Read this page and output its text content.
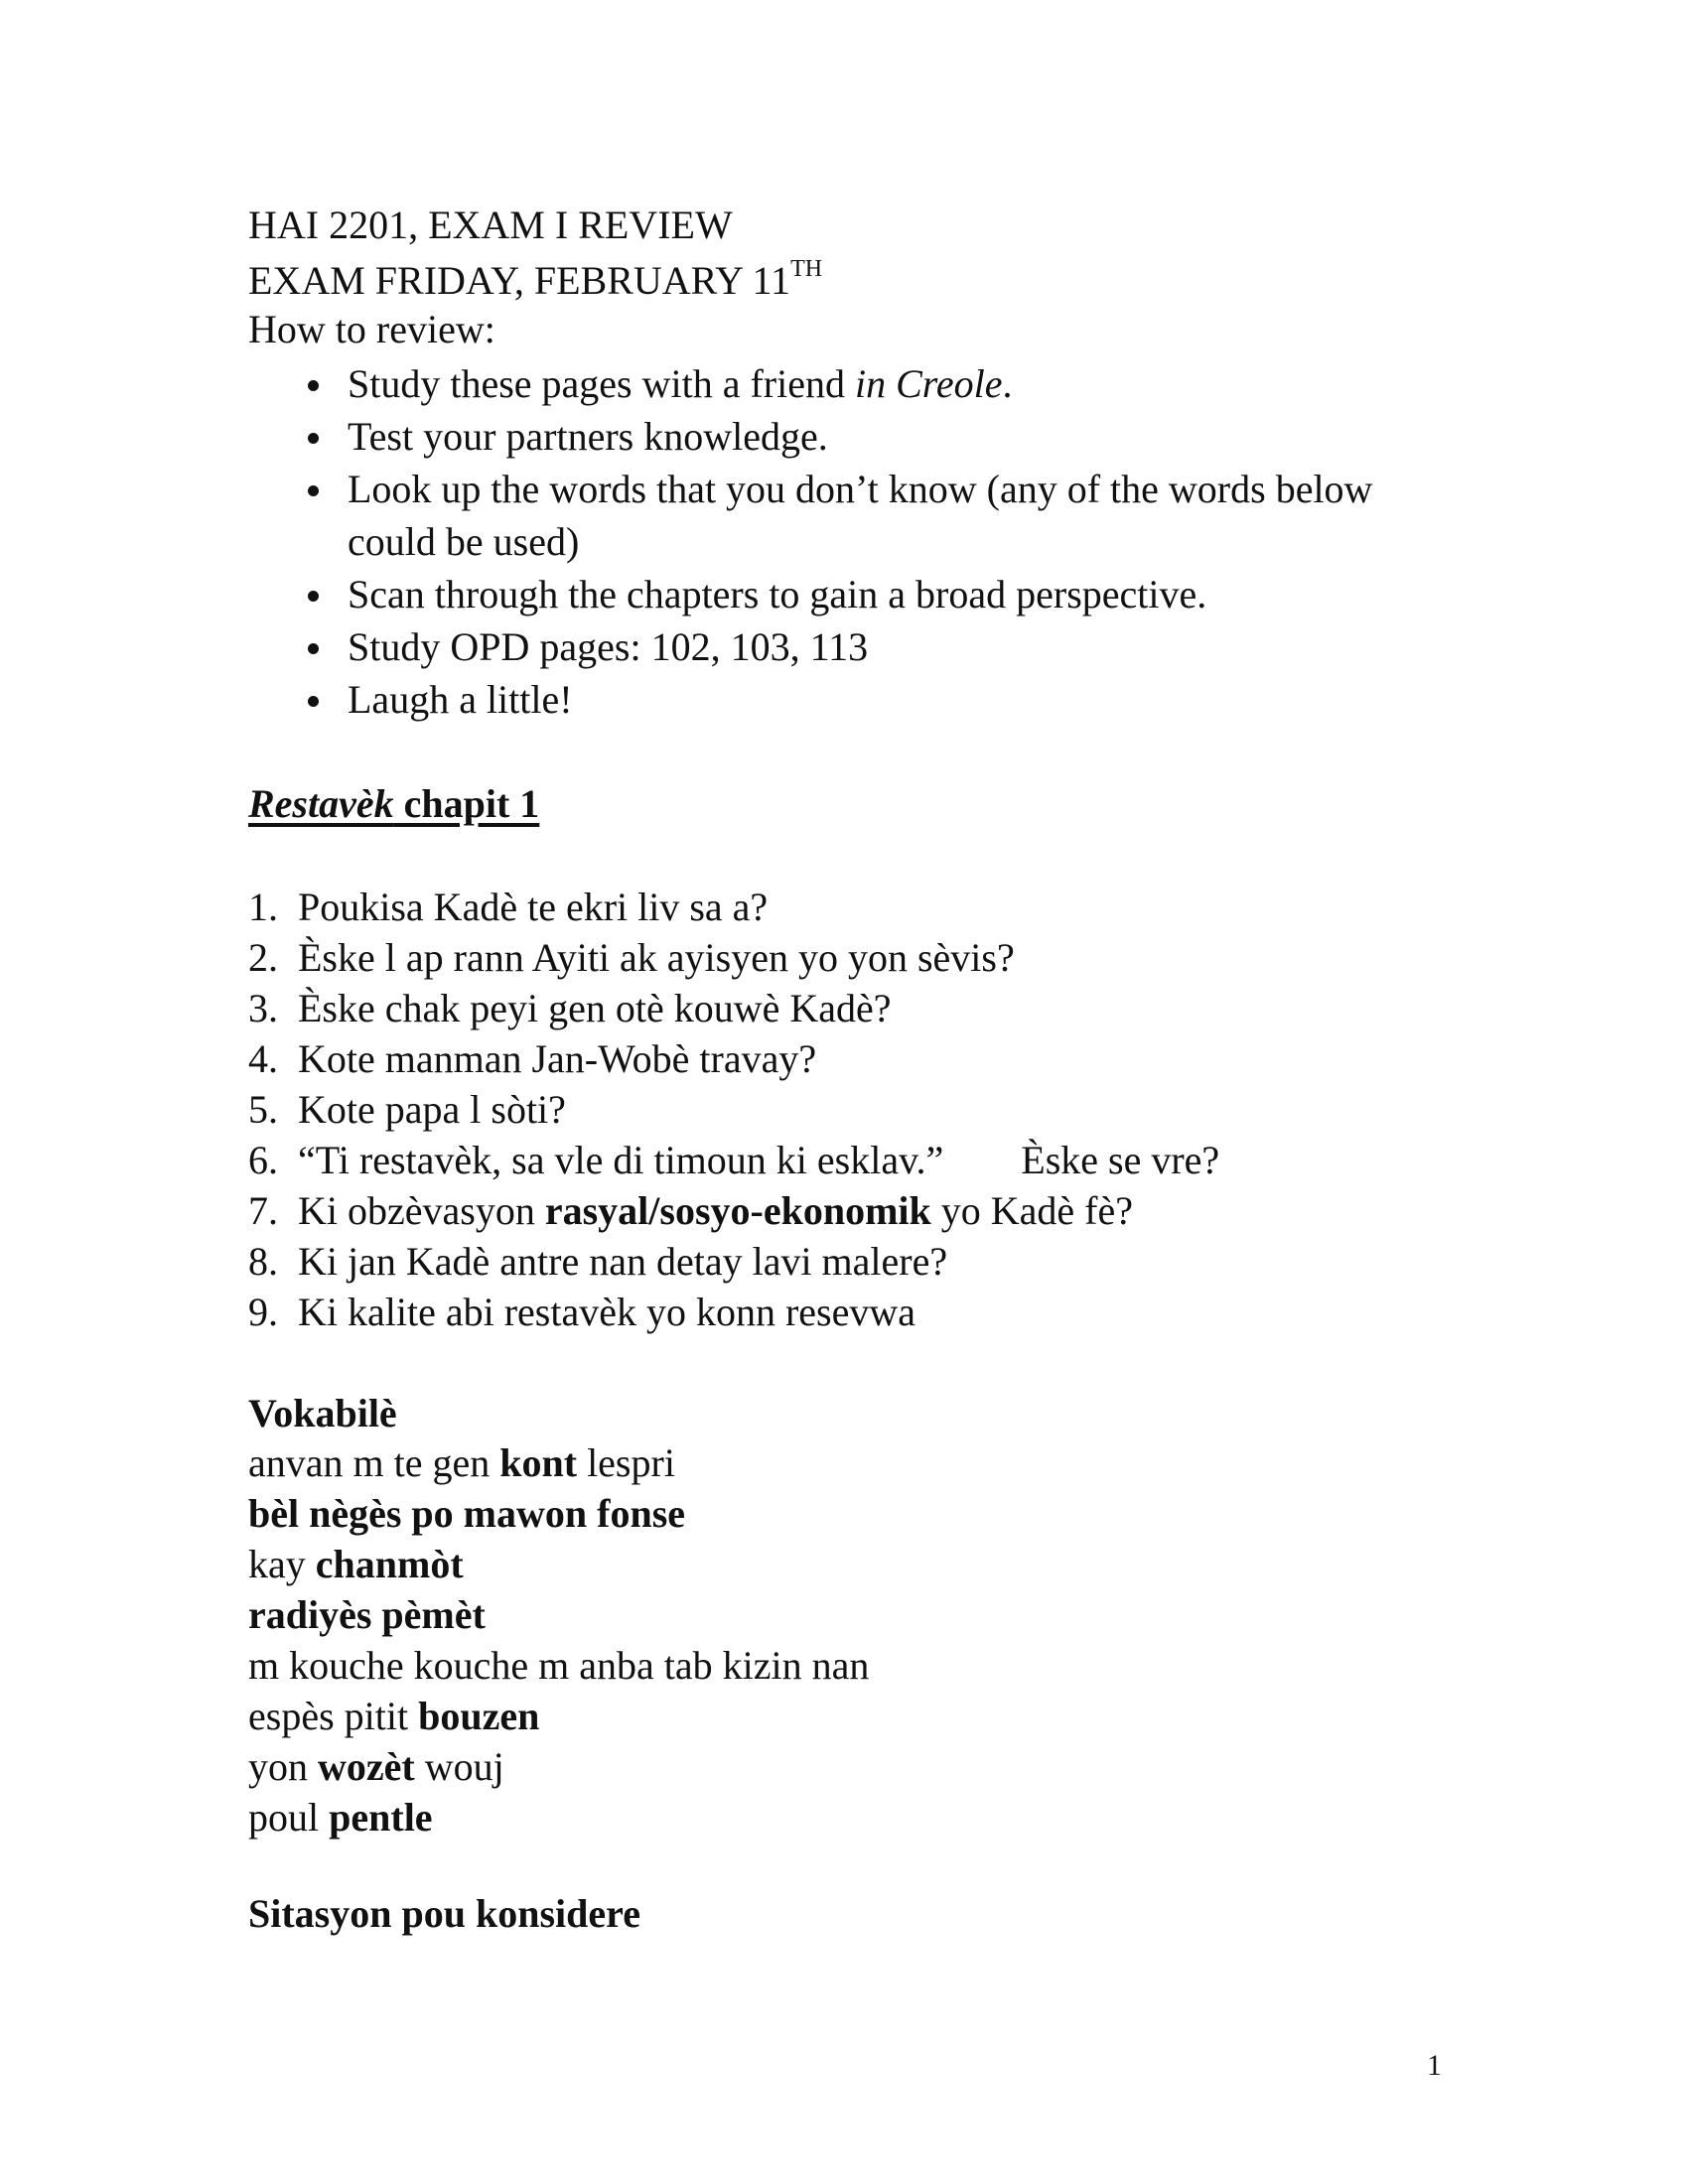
HAI 2201, EXAM I REVIEW
EXAM FRIDAY, FEBRUARY 11TH
How to review:
Study these pages with a friend in Creole.
Test your partners knowledge.
Look up the words that you don’t know (any of the words below could be used)
Scan through the chapters to gain a broad perspective.
Study OPD pages: 102, 103, 113
Laugh a little!
Restavèk chapit 1
1. Poukisa Kadè te ekri liv sa a?
2. Èske l ap rann Ayiti ak ayisyen yo yon sèvis?
3. Èske chak peyi gen otè kouwè Kadè?
4. Kote manman Jan-Wobè travay?
5. Kote papa l sòti?
6. “Ti restavèk, sa vle di timoun ki esklav.” Èske se vre?
7. Ki obzèvasyon rasyal/sosyo-ekonomik yo Kadè fè?
8. Ki jan Kadè antre nan detay lavi malere?
9. Ki kalite abi restavèk yo konn resevwa
Vokabilè
anvan m te gen kont lespri
bèl nègès po mawon fonse
kay chanmòt
radiyès pèmèt
m kouche kouche m anba tab kizin nan
espès pitit bouzen
yon wozèt wouj
poul pentle
Sitasyon pou konsidere
1
